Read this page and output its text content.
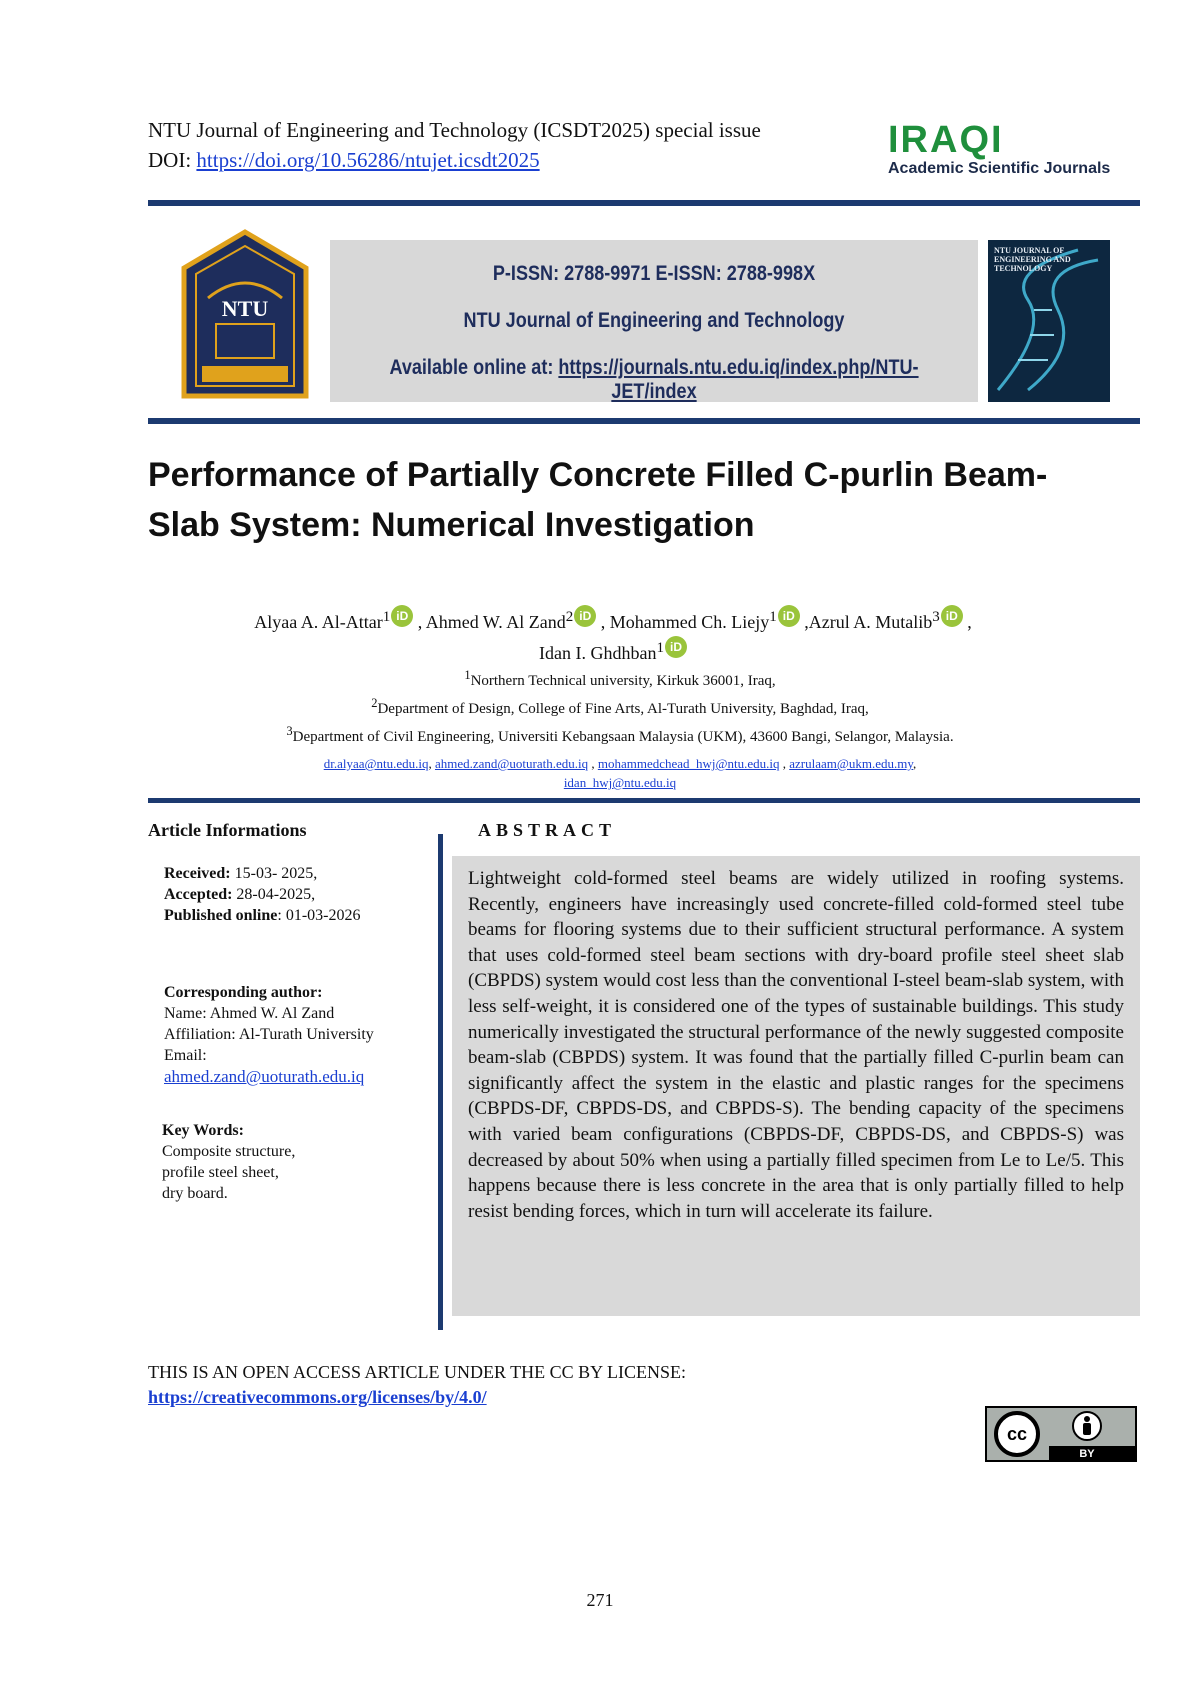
NTU Journal of Engineering and Technology (ICSDT2025) special issue
DOI: https://doi.org/10.56286/ntujet.icsdt2025	IRAQI
Academic Scientific Journals
NTU
P-ISSN: 2788-9971 E-ISSN: 2788-998X
NTU Journal of Engineering and Technology
Available online at: https://journals.ntu.edu.iq/index.php/NTU-JET/index
NTU JOURNAL OF ENGINEERING AND TECHNOLOGY
Performance of Partially Concrete Filled C-purlin Beam-Slab System: Numerical Investigation
Alyaa A. Al-Attar$^1$ iD , Ahmed W. Al Zand$^2$ iD , Mohammed Ch. Liejy$^1$ iD ,Azrul A. Mutalib$^3$ iD ,
Idan I. Ghdhban$^1$ iD
$^1$Northern Technical university, Kirkuk 36001, Iraq,
$^2$Department of Design, College of Fine Arts, Al-Turath University, Baghdad, Iraq,
$^3$Department of Civil Engineering, Universiti Kebangsaan Malaysia (UKM), 43600 Bangi, Selangor, Malaysia.
dr.alyaa@ntu.edu.iq, ahmed.zand@uoturath.edu.iq , mohammedchead_hwj@ntu.edu.iq , azrulaam@ukm.edu.my,
idan_hwj@ntu.edu.iq
Article Informations
Received: 15-03- 2025,
Accepted: 28-04-2025,
Published online: 01-03-2026
Corresponding author:
Name: Ahmed W. Al Zand
Affiliation: Al-Turath University
Email:
ahmed.zand@uoturath.edu.iq
Key Words:
Composite structure,
profile steel sheet,
dry board.
ABSTRACT
Lightweight cold-formed steel beams are widely utilized in roofing systems. Recently, engineers have increasingly used concrete-filled cold-formed steel tube beams for flooring systems due to their sufficient structural performance. A system that uses cold-formed steel beam sections with dry-board profile steel sheet slab (CBPDS) system would cost less than the conventional I-steel beam-slab system, with less self-weight, it is considered one of the types of sustainable buildings. This study numerically investigated the structural performance of the newly suggested composite beam-slab (CBPDS) system. It was found that the partially filled C-purlin beam can significantly affect the system in the elastic and plastic ranges for the specimens (CBPDS-DF, CBPDS-DS, and CBPDS-S). The bending capacity of the specimens with varied beam configurations (CBPDS-DF, CBPDS-DS, and CBPDS-S) was decreased by about 50% when using a partially filled specimen from Le to Le/5. This happens because there is less concrete in the area that is only partially filled to help resist bending forces, which in turn will accelerate its failure.
THIS IS AN OPEN ACCESS ARTICLE UNDER THE CC BY LICENSE:
https://creativecommons.org/licenses/by/4.0/
cc
BY
271
